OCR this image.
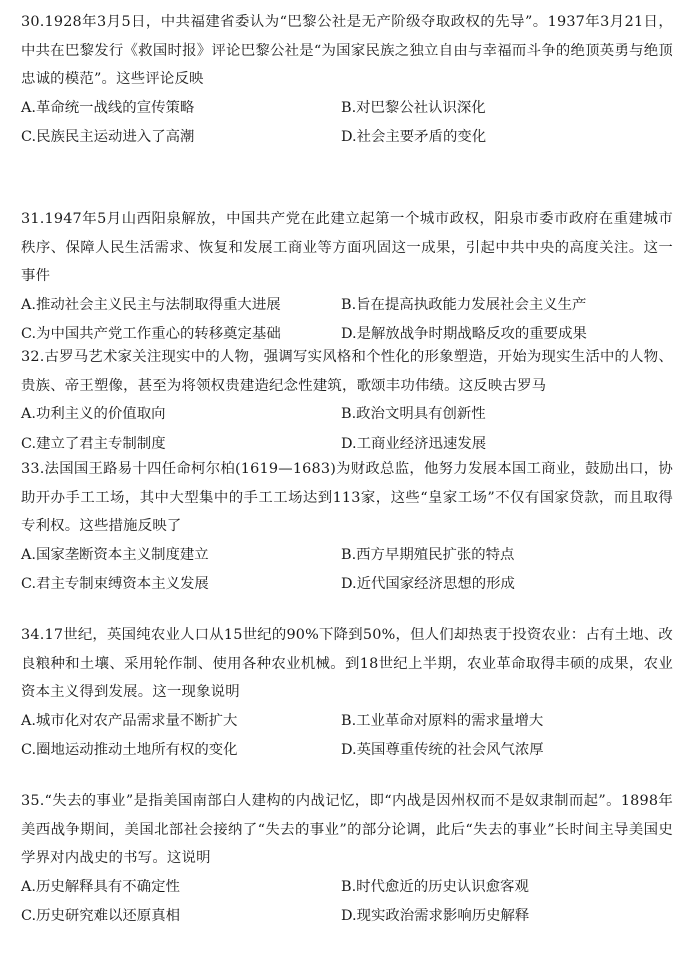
30.1928年3月5日，中共福建省委认为“巴黎公社是无产阶级夺取政权的先导”。1937年3月21日，中共在巴黎发行《救国时报》评论巴黎公社是“为国家民族之独立自由与幸福而斗争的绝顶英勇与绝顶忠诚的模范”。这些评论反映
A.革命统一战线的宣传策略	B.对巴黎公社认识深化
C.民族民主运动进入了高潮	D.社会主要矛盾的变化
31.1947年5月山西阳泉解放，中国共产党在此建立起第一个城市政权，阳泉市委市政府在重建城市秩序、保障人民生活需求、恢复和发展工商业等方面巩固这一成果，引起中共中央的高度关注。这一事件
A.推动社会主义民主与法制取得重大进展	B.旨在提高执政能力发展社会主义生产
C.为中国共产党工作重心的转移奠定基础	D.是解放战争时期战略反攻的重要成果
32.古罗马艺术家关注现实中的人物，强调写实风格和个性化的形象塑造，开始为现实生活中的人物、贵族、帝王塑像，甚至为将领权贵建造纪念性建筑，歌颂丰功伟绩。这反映古罗马
A.功利主义的价值取向	B.政治文明具有创新性
C.建立了君主专制制度	D.工商业经济迅速发展
33.法国国王路易十四任命柯尔柏(1619—1683)为财政总监，他努力发展本国工商业，鼓励出口，协助开办手工工场，其中大型集中的手工工场达到113家，这些“皇家工场”不仅有国家贷款，而且取得专利权。这些措施反映了
A.国家垄断资本主义制度建立	B.西方早期殖民扩张的特点
C.君主专制束缚资本主义发展	D.近代国家经济思想的形成
34.17世纪，英国纯农业人口从15世纪的90%下降到50%，但人们却热衷于投资农业：占有土地、改良粮种和土壤、采用轮作制、使用各种农业机械。到18世纪上半期，农业革命取得丰硕的成果，农业资本主义得到发展。这一现象说明
A.城市化对农产品需求量不断扩大	B.工业革命对原料的需求量增大
C.圈地运动推动土地所有权的变化	D.英国尊重传统的社会风气浓厚
35.“失去的事业”是指美国南部白人建构的内战记忆，即“内战是因州权而不是奴隶制而起”。1898年美西战争期间，美国北部社会接纳了“失去的事业”的部分论调，此后“失去的事业”长时间主导美国史学界对内战史的书写。这说明
A.历史解释具有不确定性	B.时代愈近的历史认识愈客观
C.历史研究难以还原真相	D.现实政治需求影响历史解释
